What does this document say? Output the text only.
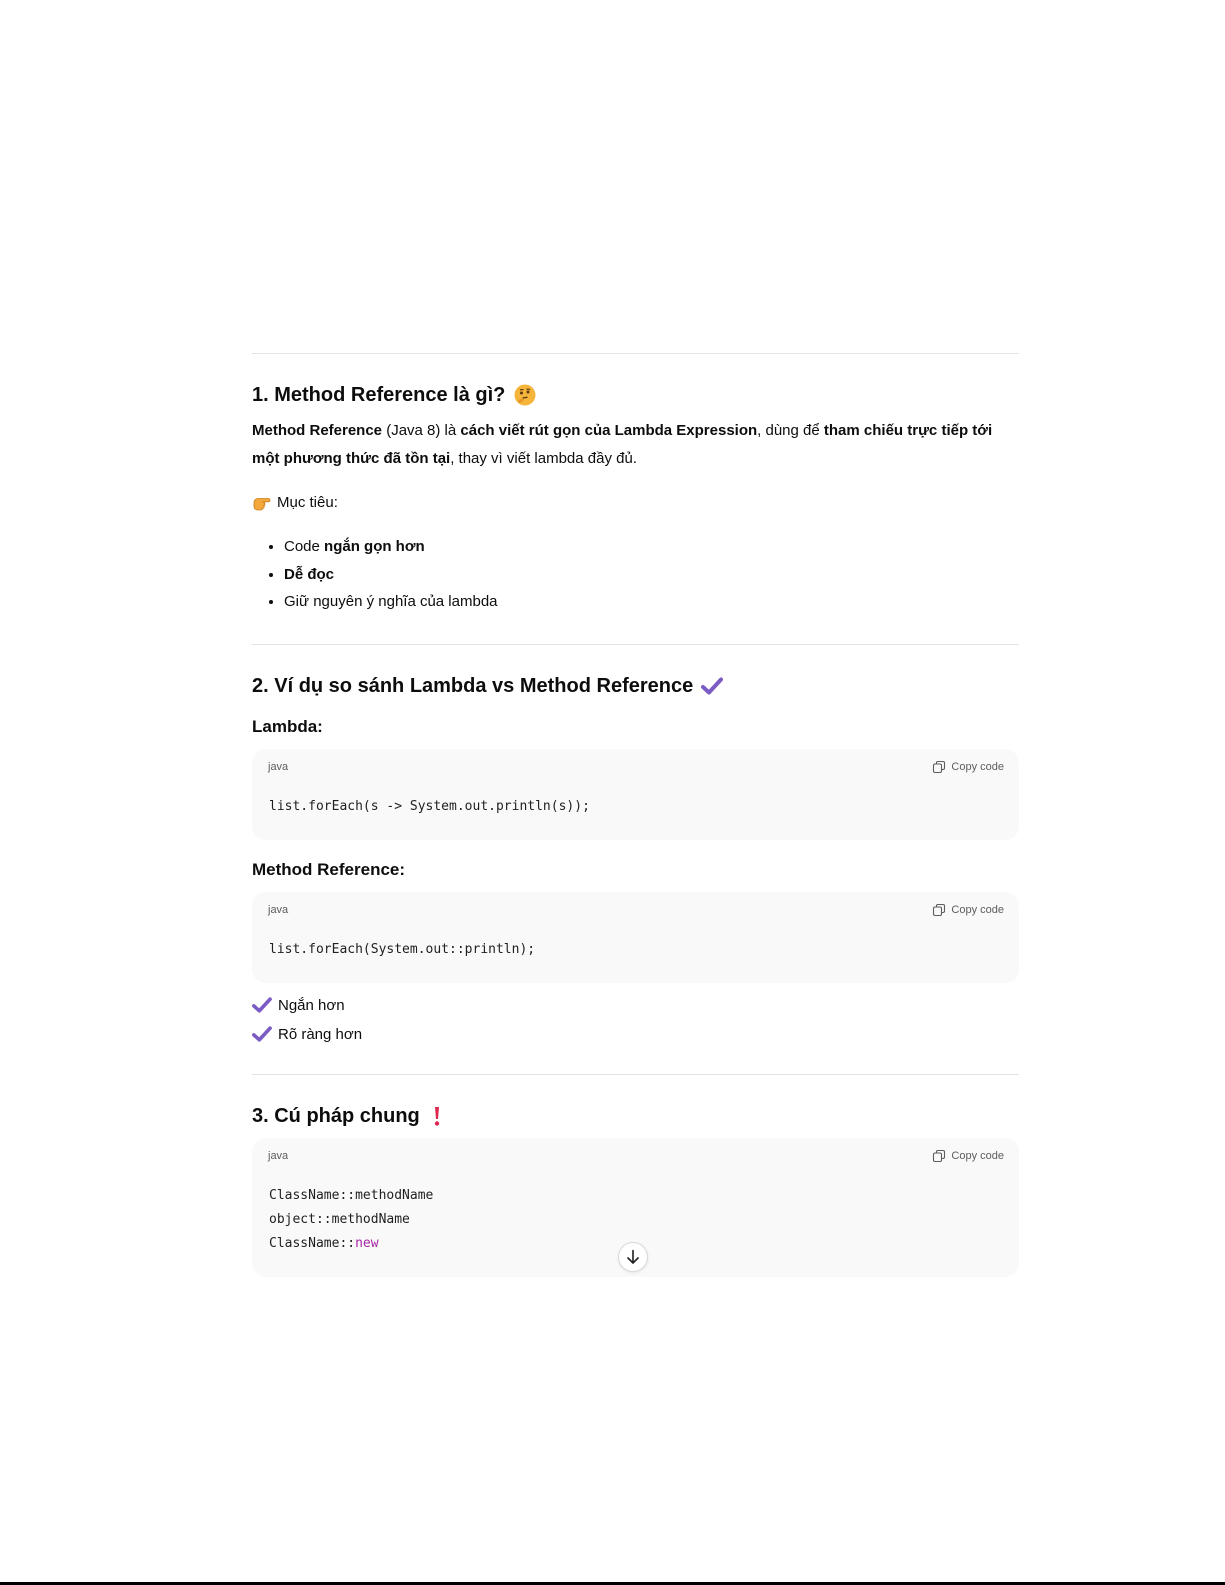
1. Method Reference là gì?

Method Reference (Java 8) là cách viết rút gọn của Lambda Expression, dùng để tham chiếu trực tiếp tới một phương thức đã tồn tại, thay vì viết lambda đầy đủ.

Mục tiêu:

• Code ngắn gọn hơn
• Dễ đọc
• Giữ nguyên ý nghĩa của lambda
2. Ví dụ so sánh Lambda vs Method Reference
Lambda:
java	Copy code
list.forEach(s -> System.out.println(s));
Method Reference:
java	Copy code
list.forEach(System.out::println);
Ngắn hơn
Rõ ràng hơn
3. Cú pháp chung
java	Copy code
ClassName::methodName
object::methodName
ClassName::new
